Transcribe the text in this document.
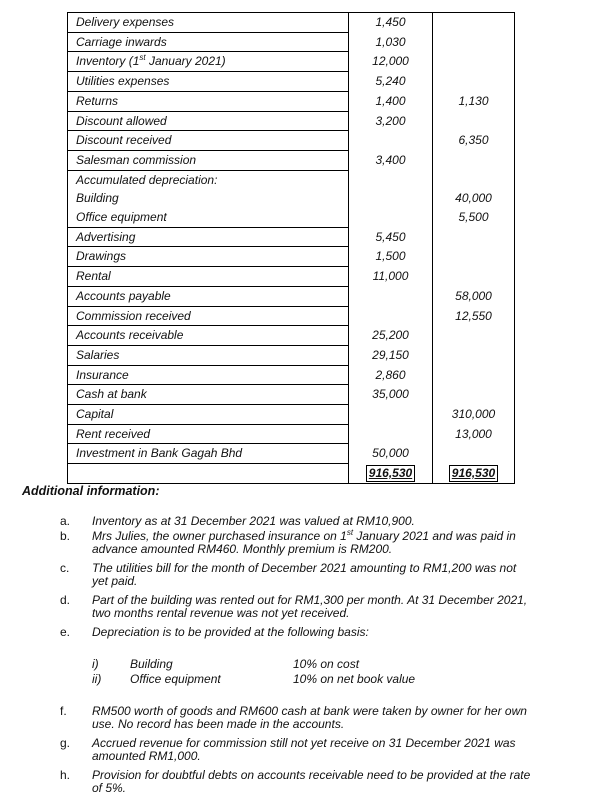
Delivery expenses	1,450	
Carriage inwards	1,030	
Inventory (1st January 2021)	12,000	
Utilities expenses	5,240	
Returns	1,400	1,130
Discount allowed	3,200	
Discount received		6,350
Salesman commission	3,400	
Accumulated depreciation:		
Building		40,000
Office equipment		5,500
Advertising	5,450	
Drawings	1,500	
Rental	11,000	
Accounts payable		58,000
Commission received		12,550
Accounts receivable	25,200	
Salaries	29,150	
Insurance	2,860	
Cash at bank	35,000	
Capital		310,000
Rent received		13,000
Investment in Bank Gagah Bhd	50,000	
	916,530	916,530
Additional information:
a. Inventory as at 31 December 2021 was valued at RM10,900.
b. Mrs Julies, the owner purchased insurance on 1st January 2021 and was paid in
advance amounted RM460. Monthly premium is RM200.
c. The utilities bill for the month of December 2021 amounting to RM1,200 was not
yet paid.
d. Part of the building was rented out for RM1,300 per month. At 31 December 2021,
two months rental revenue was not yet received.
e. Depreciation is to be provided at the following basis:
i)	Building	10% on cost
ii) Office equipment	10% on net book value
f. RM500 worth of goods and RM600 cash at bank were taken by owner for her own
use. No record has been made in the accounts.
g. Accrued revenue for commission still not yet receive on 31 December 2021 was
amounted RM1,000.
h. Provision for doubtful debts on accounts receivable need to be provided at the rate
of 5%.
